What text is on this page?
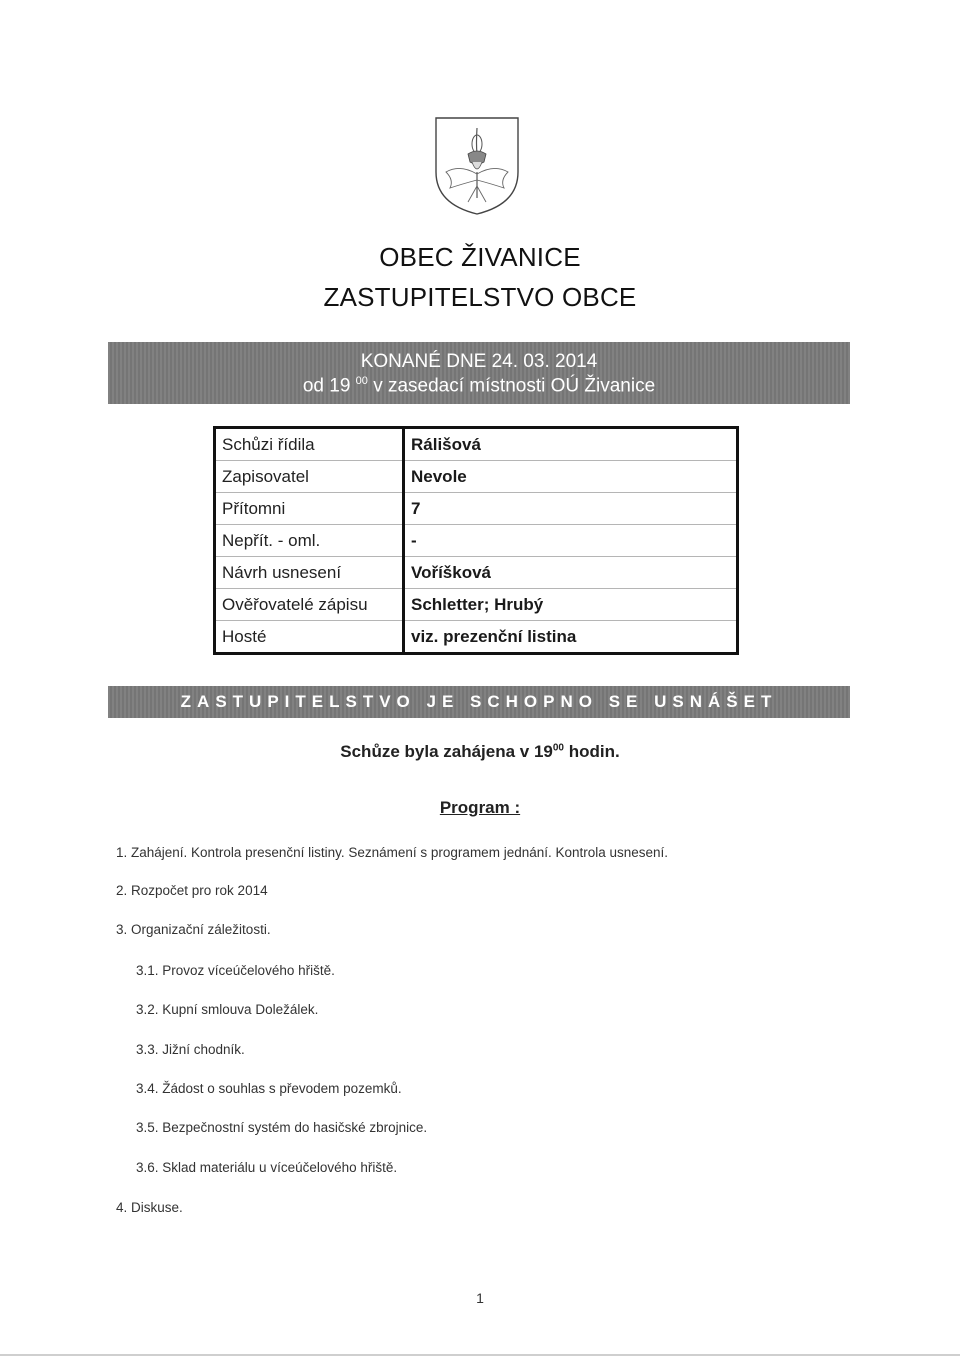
OBEC ŽIVANICE
ZASTUPITELSTVO OBCE
KONANÉ DNE 24. 03. 2014
od 19 $^{00}$ v zasedací místnosti OÚ Živanice
Schůzi řídila	Rálišová
Zapisovatel	Nevole
Přítomni	7
Nepřít. - oml.	-
Návrh usnesení	Voříšková
Ověřovatelé zápisu	Schletter; Hrubý
Hosté	viz. prezenční listina
ZASTUPITELSTVO JE SCHOPNO SE USNÁŠET
Schůze byla zahájena v $19^{00}$ hodin.
Program :
1. Zahájení. Kontrola presenční listiny. Seznámení s programem jednání. Kontrola usnesení.
2. Rozpočet pro rok 2014
3. Organizační záležitosti.
3.1. Provoz víceúčelového hřiště.
3.2. Kupní smlouva Doležálek.
3.3. Jižní chodník.
3.4. Žádost o souhlas s převodem pozemků.
3.5. Bezpečnostní systém do hasičské zbrojnice.
3.6. Sklad materiálu u víceúčelového hřiště.
4. Diskuse.
1
